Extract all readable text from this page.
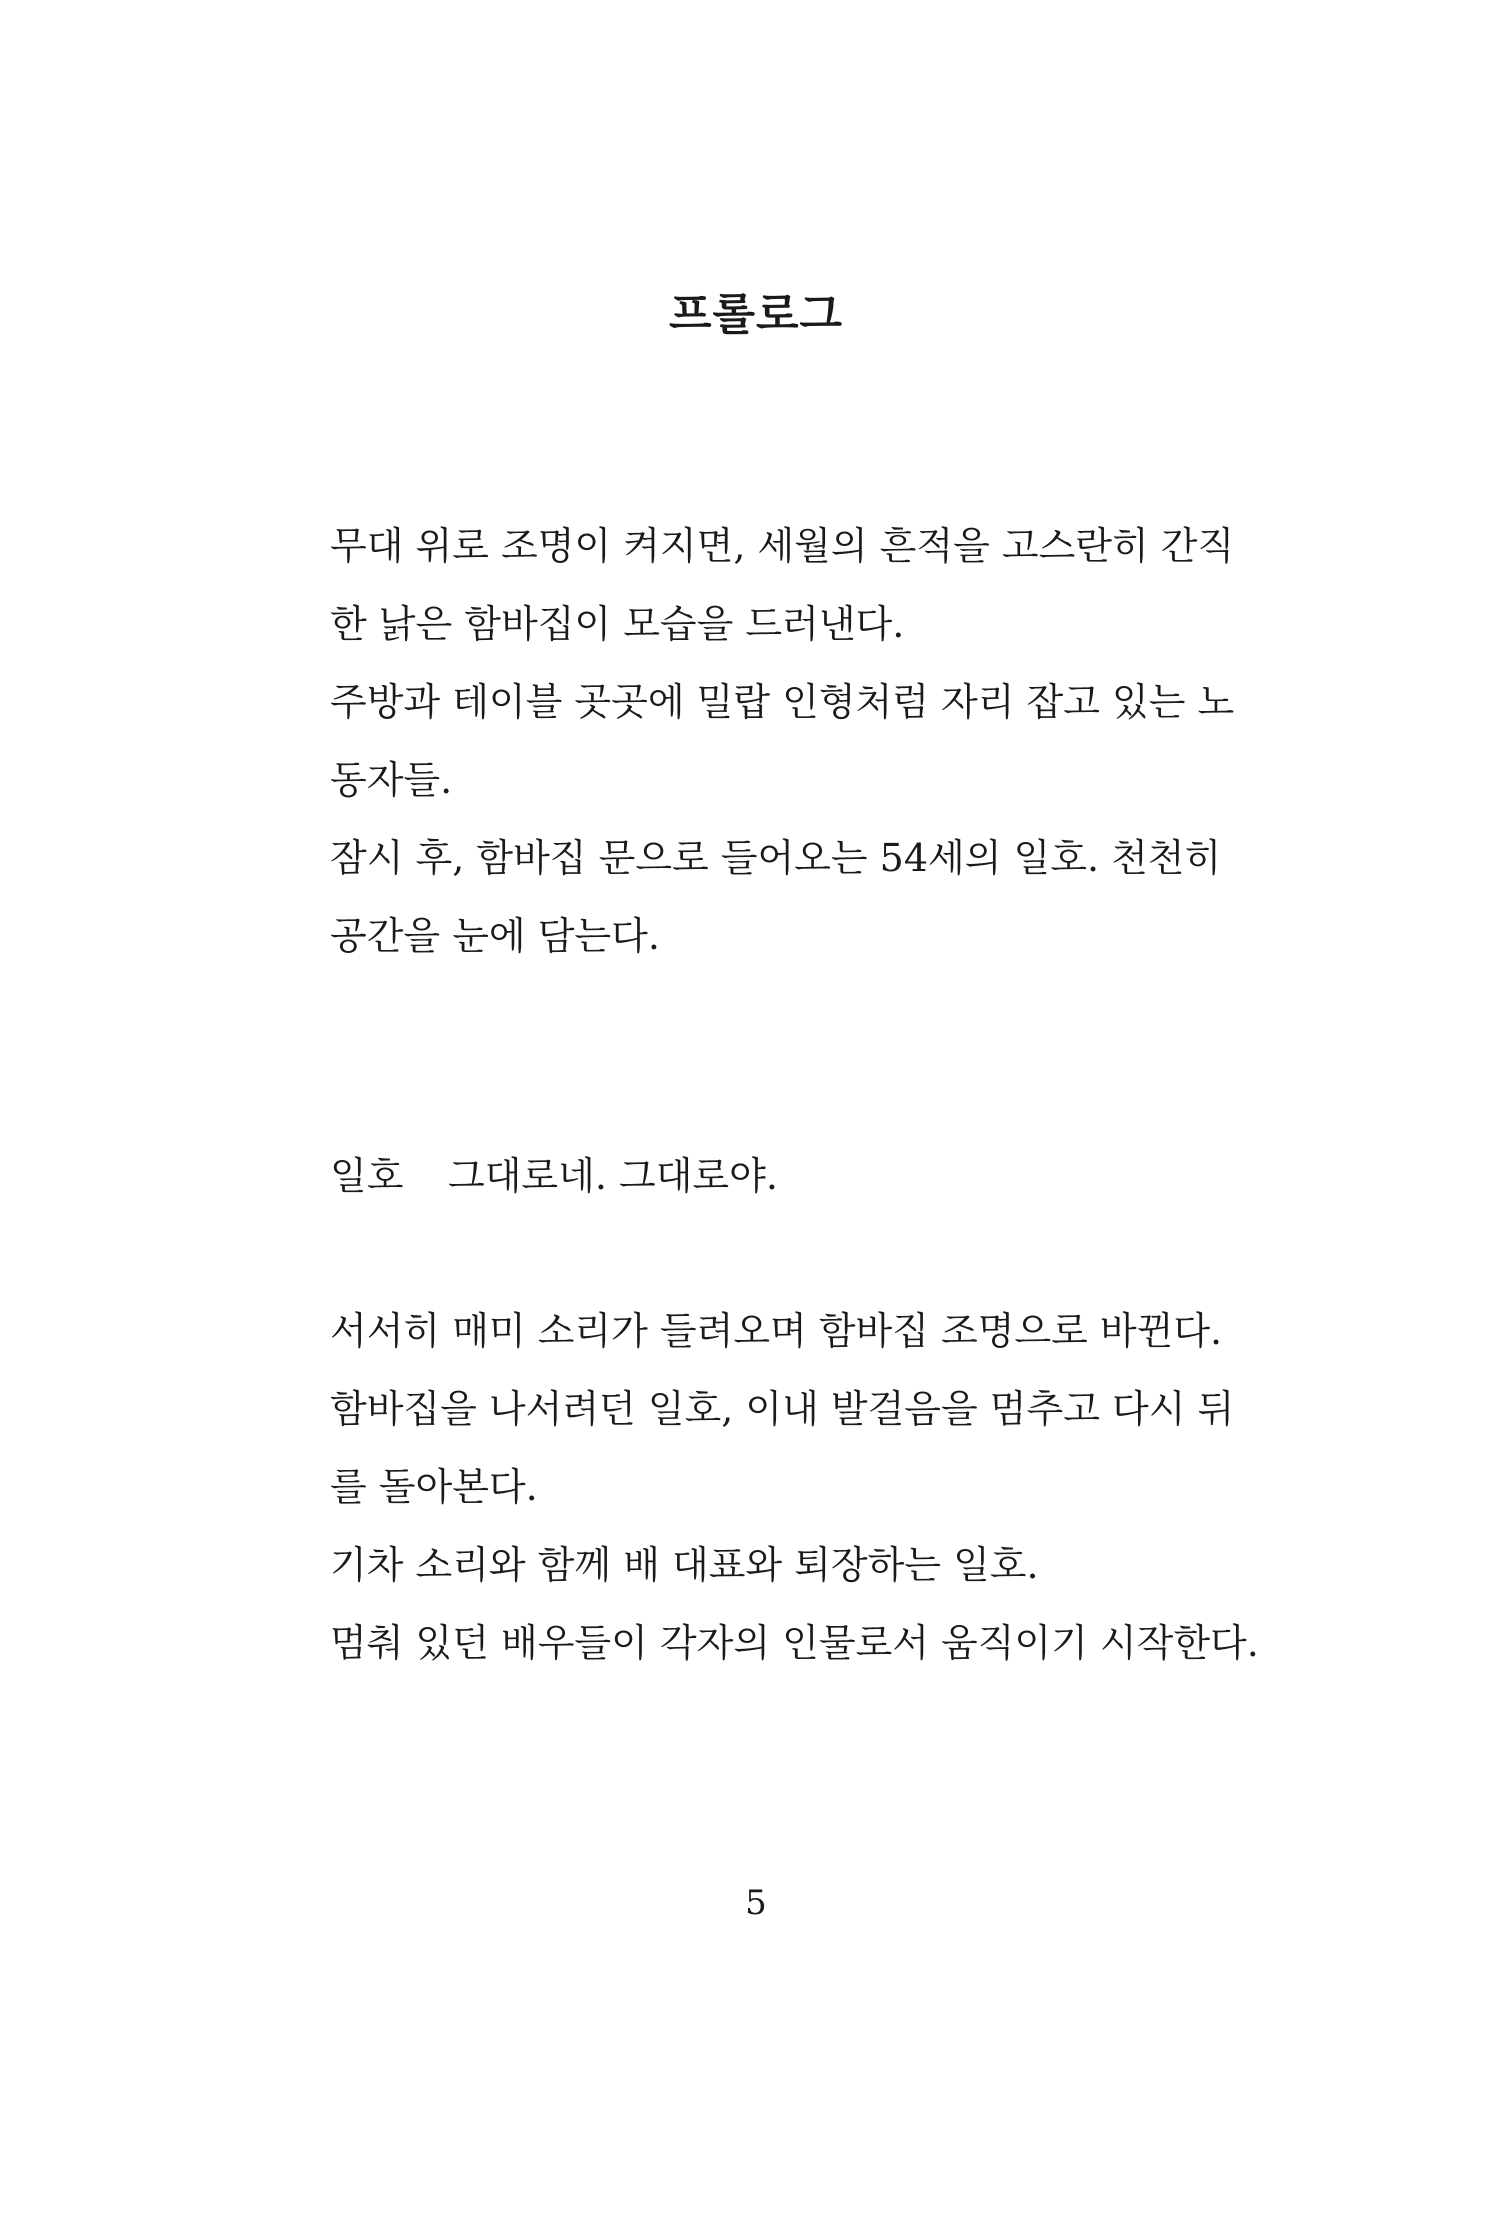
프롤로그
무대 위로 조명이 켜지면, 세월의 흔적을 고스란히 간직
한 낡은 함바집이 모습을 드러낸다.
주방과 테이블 곳곳에 밀랍 인형처럼 자리 잡고 있는 노
동자들.
잠시 후, 함바집 문으로 들어오는 54세의 일호. 천천히
공간을 눈에 담는다.
일호 그대로네. 그대로야.
서서히 매미 소리가 들려오며 함바집 조명으로 바뀐다.
함바집을 나서려던 일호, 이내 발걸음을 멈추고 다시 뒤
를 돌아본다.
기차 소리와 함께 배 대표와 퇴장하는 일호.
멈춰 있던 배우들이 각자의 인물로서 움직이기 시작한다.
5
